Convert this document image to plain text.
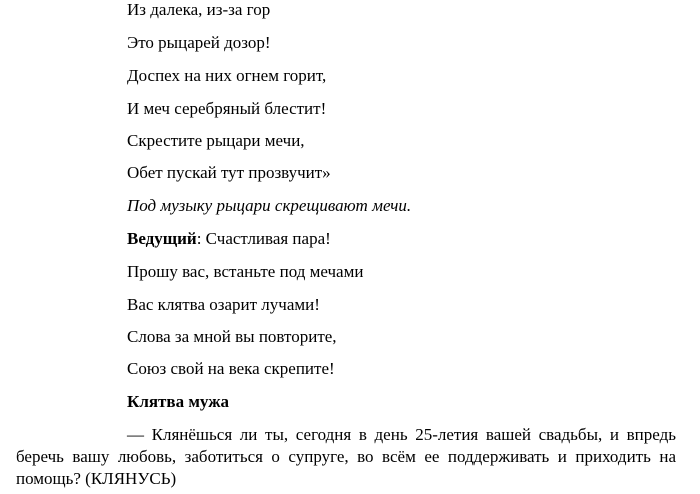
Из далека, из-за гор
Это рыцарей дозор!
Доспех на них огнем горит,
И меч серебряный блестит!
Скрестите рыцари мечи,
Обет пускай тут прозвучит»
Под музыку рыцари скрещивают мечи.
Ведущий: Счастливая пара!
Прошу вас, встаньте под мечами
Вас клятва озарит лучами!
Слова за мной вы повторите,
Союз свой на века скрепите!
Клятва мужа
— Клянёшься ли ты, сегодня в день 25-летия вашей свадьбы, и впредь беречь вашу любовь, заботиться о супруге, во всём ее поддерживать и приходить на помощь? (КЛЯНУСЬ)
